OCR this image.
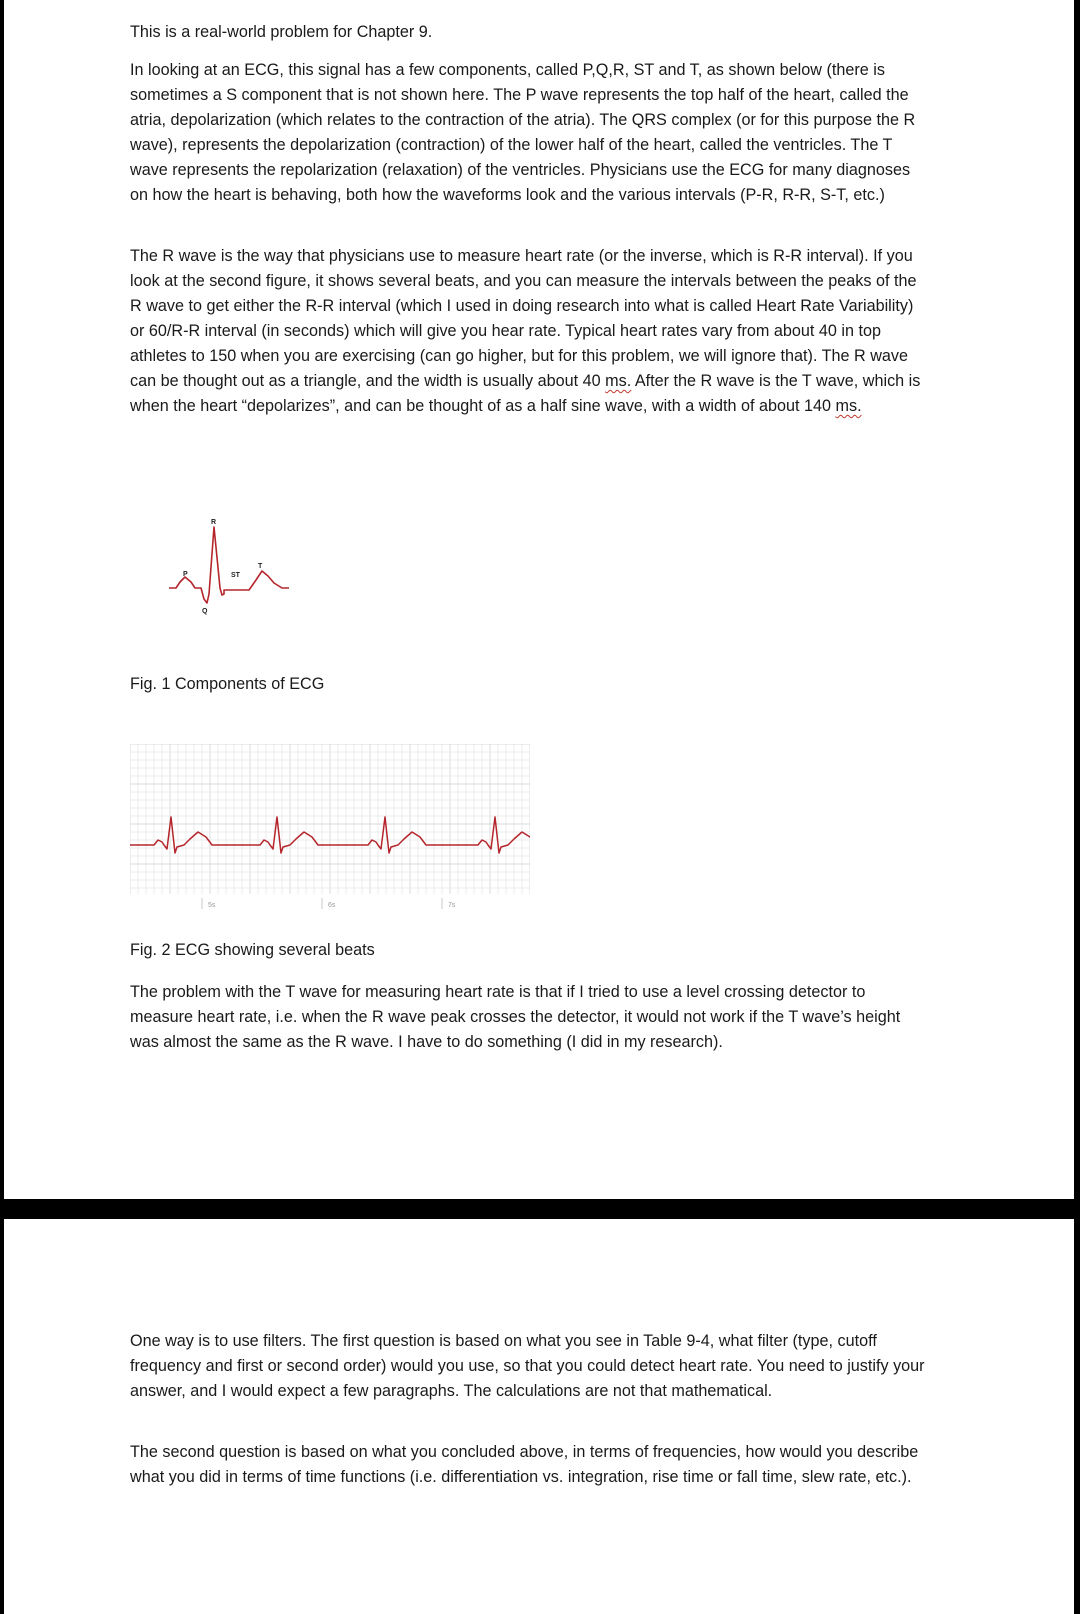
This is a real-world problem for Chapter 9.

In looking at an ECG, this signal has a few components, called P,Q,R, ST and T, as shown below (there is sometimes a S component that is not shown here. The P wave represents the top half of the heart, called the atria, depolarization (which relates to the contraction of the atria). The QRS complex (or for this purpose the R wave), represents the depolarization (contraction) of the lower half of the heart, called the ventricles. The T wave represents the repolarization (relaxation) of the ventricles. Physicians use the ECG for many diagnoses on how the heart is behaving, both how the waveforms look and the various intervals (P-R, R-R, S-T, etc.)

The R wave is the way that physicians use to measure heart rate (or the inverse, which is R-R interval). If you look at the second figure, it shows several beats, and you can measure the intervals between the peaks of the R wave to get either the R-R interval (which I used in doing research into what is called Heart Rate Variability) or 60/R-R interval (in seconds) which will give you hear rate. Typical heart rates vary from about 40 in top athletes to 150 when you are exercising (can go higher, but for this problem, we will ignore that). The R wave can be thought out as a triangle, and the width is usually about 40 ms. After the R wave is the T wave, which is when the heart “depolarizes”, and can be thought of as a half sine wave, with a width of about 140 ms.

R
P	ST
T
Q

Fig. 1 Components of ECG

5s	6s	7s

Fig. 2 ECG showing several beats

The problem with the T wave for measuring heart rate is that if I tried to use a level crossing detector to measure heart rate, i.e. when the R wave peak crosses the detector, it would not work if the T wave’s height was almost the same as the R wave. I have to do something (I did in my research).

One way is to use filters. The first question is based on what you see in Table 9-4, what filter (type, cutoff frequency and first or second order) would you use, so that you could detect heart rate. You need to justify your answer, and I would expect a few paragraphs. The calculations are not that mathematical.

The second question is based on what you concluded above, in terms of frequencies, how would you describe what you did in terms of time functions (i.e. differentiation vs. integration, rise time or fall time, slew rate, etc.).
